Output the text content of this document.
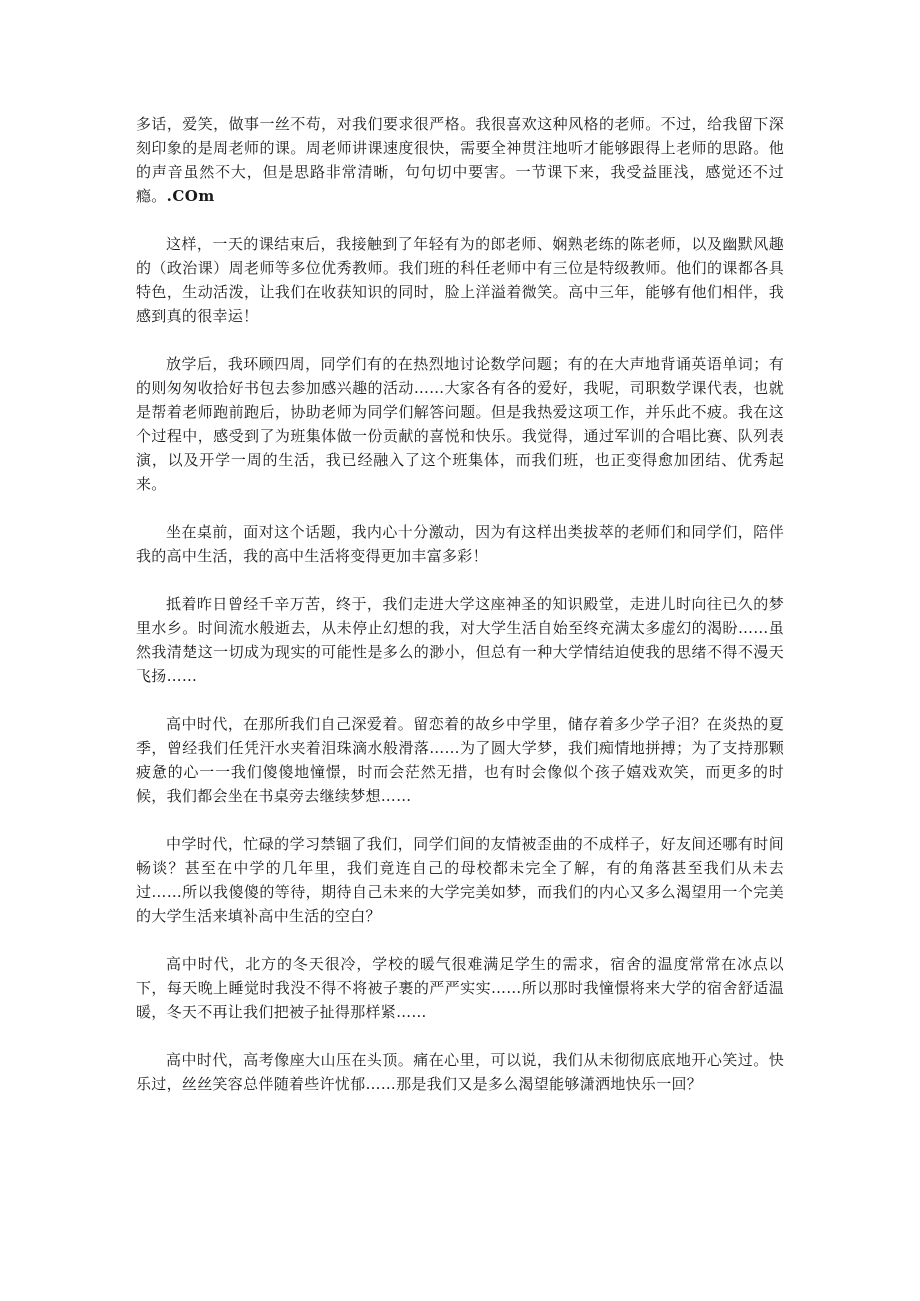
多话，爱笑，做事一丝不苟，对我们要求很严格。我很喜欢这种风格的老师。不过，给我留下深刻印象的是周老师的课。周老师讲课速度很快，需要全神贯注地听才能够跟得上老师的思路。他的声音虽然不大，但是思路非常清晰，句句切中要害。一节课下来，我受益匪浅，感觉还不过瘾。.COm

这样，一天的课结束后，我接触到了年轻有为的郎老师、娴熟老练的陈老师，以及幽默风趣的（政治课）周老师等多位优秀教师。我们班的科任老师中有三位是特级教师。他们的课都各具特色，生动活泼，让我们在收获知识的同时，脸上洋溢着微笑。高中三年，能够有他们相伴，我感到真的很幸运！

放学后，我环顾四周，同学们有的在热烈地讨论数学问题；有的在大声地背诵英语单词；有的则匆匆收拾好书包去参加感兴趣的活动……大家各有各的爱好，我呢，司职数学课代表，也就是帮着老师跑前跑后，协助老师为同学们解答问题。但是我热爱这项工作，并乐此不疲。我在这个过程中，感受到了为班集体做一份贡献的喜悦和快乐。我觉得，通过军训的合唱比赛、队列表演，以及开学一周的生活，我已经融入了这个班集体，而我们班，也正变得愈加团结、优秀起来。

坐在桌前，面对这个话题，我内心十分激动，因为有这样出类拔萃的老师们和同学们，陪伴我的高中生活，我的高中生活将变得更加丰富多彩！

抵着昨日曾经千辛万苦，终于，我们走进大学这座神圣的知识殿堂，走进儿时向往已久的梦里水乡。时间流水般逝去，从未停止幻想的我，对大学生活自始至终充满太多虚幻的渴盼……虽然我清楚这一切成为现实的可能性是多么的渺小，但总有一种大学情结迫使我的思绪不得不漫天飞扬……

高中时代，在那所我们自己深爱着。留恋着的故乡中学里，储存着多少学子泪？在炎热的夏季，曾经我们任凭汗水夹着泪珠滴水般滑落……为了圆大学梦，我们痴情地拼搏；为了支持那颗疲惫的心一一我们傻傻地憧憬，时而会茫然无措，也有时会像似个孩子嬉戏欢笑，而更多的时候，我们都会坐在书桌旁去继续梦想……

中学时代，忙碌的学习禁锢了我们，同学们间的友情被歪曲的不成样子，好友间还哪有时间畅谈？甚至在中学的几年里，我们竟连自己的母校都未完全了解，有的角落甚至我们从未去过……所以我傻傻的等待，期待自己未来的大学完美如梦，而我们的内心又多么渴望用一个完美的大学生活来填补高中生活的空白？

高中时代，北方的冬天很冷，学校的暖气很难满足学生的需求，宿舍的温度常常在冰点以下，每天晚上睡觉时我没不得不将被子裹的严严实实……所以那时我憧憬将来大学的宿舍舒适温暖，冬天不再让我们把被子扯得那样紧……

高中时代，高考像座大山压在头顶。痛在心里，可以说，我们从未彻彻底底地开心笑过。快乐过，丝丝笑容总伴随着些许忧郁……那是我们又是多么渴望能够潇洒地快乐一回？
